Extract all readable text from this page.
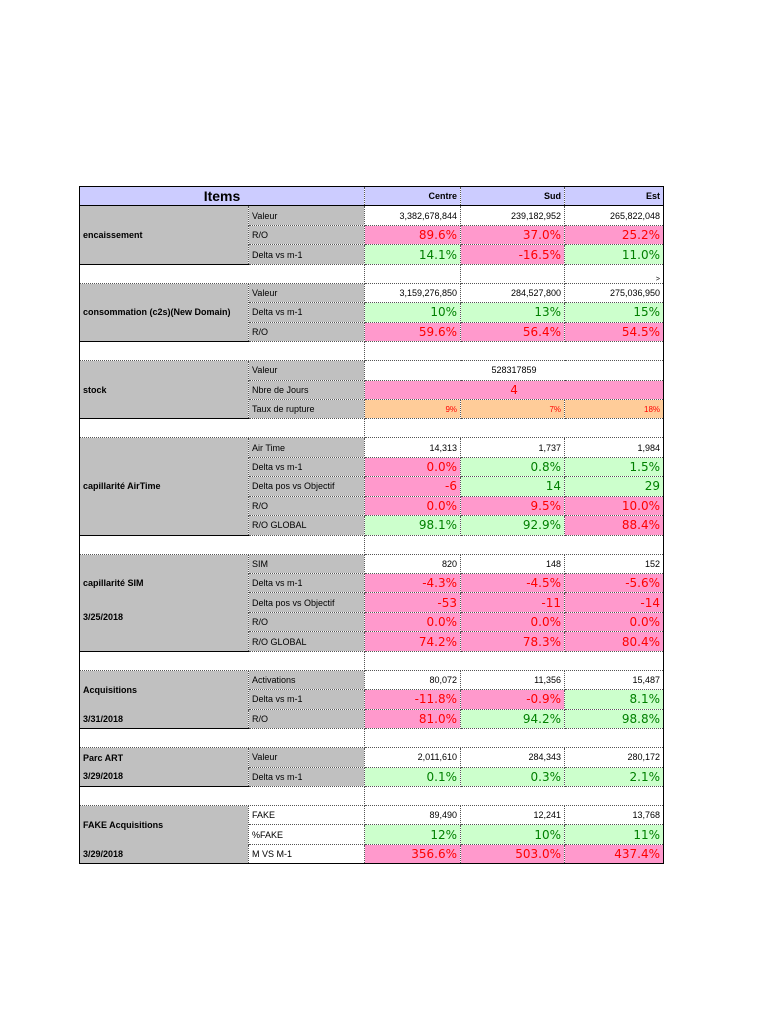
Items		Centre	Sud	Est
encaissement	Valeur	3,382,678,844	239,182,952	265,822,048
	R/O	89.6%	37.0%	25.2%
	Delta vs m-1	14.1%	-16.5%	11.0%
				>
consommation (c2s)(New Domain)	Valeur	3,159,276,850	284,527,800	275,036,950
	Delta vs m-1	10%	13%	15%
	R/O	59.6%	56.4%	54.5%

stock	Valeur	528317859		
	Nbre de Jours	4		
	Taux de rupture	9%	7%	18%

capillarité AirTime	Air Time	14,313	1,737	1,984
	Delta vs m-1	0.0%	0.8%	1.5%
	Delta pos vs Objectif	-6	14	29
	R/O	0.0%	9.5%	10.0%
	R/O GLOBAL	98.1%	92.9%	88.4%

capillarité SIM	SIM	820	148	152
	Delta vs m-1	-4.3%	-4.5%	-5.6%
	Delta pos vs Objectif	-53	-11	-14
3/25/2018	R/O	0.0%	0.0%	0.0%
	R/O GLOBAL	74.2%	78.3%	80.4%

Acquisitions	Activations	80,072	11,356	15,487
	Delta vs m-1	-11.8%	-0.9%	8.1%
3/31/2018	R/O	81.0%	94.2%	98.8%

Parc ART	Valeur	2,011,610	284,343	280,172
3/29/2018	Delta vs m-1	0.1%	0.3%	2.1%

FAKE Acquisitions	FAKE	89,490	12,241	13,768
	%FAKE	12%	10%	11%
3/29/2018	M VS M-1	356.6%	503.0%	437.4%
